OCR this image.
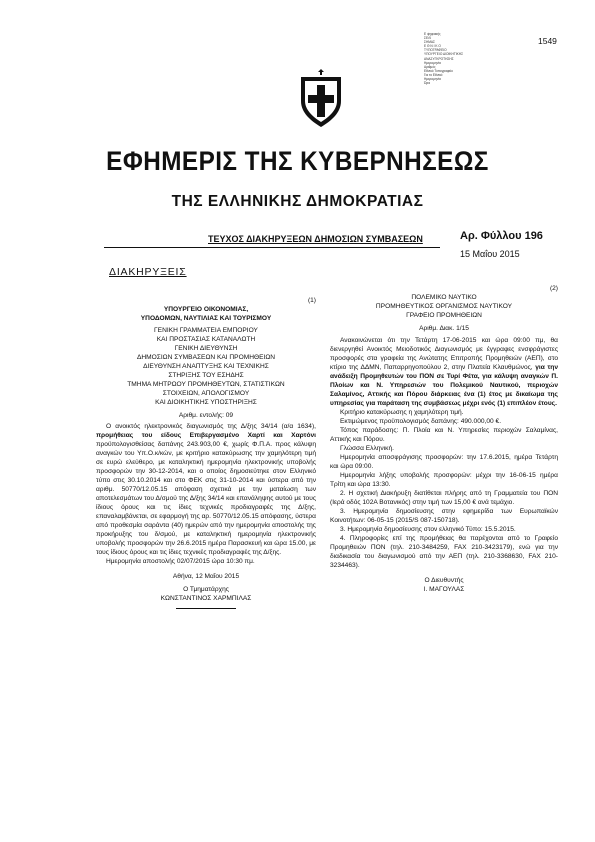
Ε ψηφιακής
ΣΕΛΙ
ΣΗΜΑΣ
Ε Θ Ν Ι Κ Ο
ΤΥΠΟΓΡΑΦΕΙΟ
ΥΠΟΥΡΓΕΙΟ ΔΙΟΙΚΗΤΙΚΗΣ
ΑΝΑΣΥΓΚΡΟΤΗΣΗΣ
Ημερομηνία
Αριθμός
Εθνικό Τυπογραφείο
Για το Εθνικό
Ημερομηνία
Ώρα
1549
ΕΦΗΜΕΡΙΣ ΤΗΣ ΚΥΒΕΡΝΗΣΕΩΣ
ΤΗΣ ΕΛΛΗΝΙΚΗΣ ΔΗΜΟΚΡΑΤΙΑΣ
ΤΕΥΧΟΣ ΔΙΑΚΗΡΥΞΕΩΝ ΔΗΜΟΣΙΩΝ ΣΥΜΒΑΣΕΩΝ	Αρ. Φύλλου 196
15 Μαΐου 2015
ΔΙΑΚΗΡΥΞΕΙΣ

(1)

ΥΠΟΥΡΓΕΙΟ ΟΙΚΟΝΟΜΙΑΣ,

ΥΠΟΔΟΜΩΝ, ΝΑΥΤΙΛΙΑΣ ΚΑΙ ΤΟΥΡΙΣΜΟΥ

ΓΕΝΙΚΗ ΓΡΑΜΜΑΤΕΙΑ ΕΜΠΟΡΙΟΥ

ΚΑΙ ΠΡΟΣΤΑΣΙΑΣ ΚΑΤΑΝΑΛΩΤΗ

ΓΕΝΙΚΗ ΔΙΕΥΘΥΝΣΗ

ΔΗΜΟΣΙΩΝ ΣΥΜΒΑΣΕΩΝ ΚΑΙ ΠΡΟΜΗΘΕΙΩΝ

ΔΙΕΥΘΥΝΣΗ ΑΝΑΠΤΥΞΗΣ ΚΑΙ ΤΕΧΝΙΚΗΣ

ΣΤΗΡΙΞΗΣ ΤΟΥ ΕΣΗΔΗΣ

ΤΜΗΜΑ ΜΗΤΡΩΟΥ ΠΡΟΜΗΘΕΥΤΩΝ, ΣΤΑΤΙΣΤΙΚΩΝ

ΣΤΟΙΧΕΙΩΝ, ΑΠΟΛΟΓΙΣΜΟΥ

ΚΑΙ ΔΙΟΙΚΗΤΙΚΗΣ ΥΠΟΣΤΗΡΙΞΗΣ

Αριθμ. εντολής: 09

Ο ανοικτός ηλεκτρονικός διαγωνισμός της Δ/ξης 34/14 (α/α 1634), προμήθειας του είδους Επιβεργασμένο Χαρτί και Χαρτόνι προϋπολογισθείσας δαπάνης 243.903,00 €, χωρίς Φ.Π.Α. προς κάλυψη αναγκών του Υπ.Ο.κ/κών, με κριτήριο κατακύρωσης την χαμηλότερη τιμή σε ευρώ ελεύθερο, με καταληκτική ημερομηνία ηλεκτρονικής υποβολής προσφορών την 30-12-2014, και ο οποίος δημοσιεύτηκε στον Ελληνικό τύπο στις 30.10.2014 και στο ΦΕΚ στις 31-10-2014 και ύστερα από την αριθμ. 50770/12.05.15 απόφαση σχετικά με την ματαίωση των αποτελεσμάτων του Δ/σμού της Δ/ξης 34/14 και επανάληψης αυτού με τους ίδιους όρους και τις ίδιες τεχνικές προδιαγραφές της Δ/ξης, επαναλαμβάνεται, σε εφαρμογή της αρ. 50770/12.05.15 απόφασης, ύστερα από προθεσμία σαράντα (40) ημερών από την ημερομηνία αποστολής της προκήρυξης του δ/σμού, με καταληκτική ημερομηνία ηλεκτρονικής υποβολής προσφορών την 26.6.2015 ημέρα Παρασκευή και ώρα 15.00, με τους ίδιους όρους και τις ίδιες τεχνικές προδιαγραφές της Δ/ξης.

Ημερομηνία αποστολής 02/07/2015 ώρα 10:30 πμ.

Αθήνα, 12 Μαΐου 2015

Ο Τμηματάρχης

ΚΩΝΣΤΑΝΤΙΝΟΣ ΧΑΡΜΠΙΛΑΣ

(2)

ΠΟΛΕΜΙΚΟ ΝΑΥΤΙΚΟ

ΠΡΟΜΗΘΕΥΤΙΚΟΣ ΟΡΓΑΝΙΣΜΟΣ ΝΑΥΤΙΚΟΥ

ΓΡΑΦΕΙΟ ΠΡΟΜΗΘΕΙΩΝ

Αριθμ. Διακ. 1/15

Ανακοινώνεται ότι την Τετάρτη 17-06-2015 και ώρα 09:00 πμ, θα διενεργηθεί Ανοικτός Μειοδοτικός Διαγωνισμός με έγγραφες ενσφράγιστες προσφορές στα γραφεία της Ανώτατης Επιτροπής Προμηθειών (ΑΕΠ), στο κτίριο της ΔΔΜΝ, Παπαρρηγοπούλου 2, στην Πλατεία Κλαυθμώνος, για την ανάδειξη Προμηθευτών του ΠΟΝ σε Τυρί Φέτα, για κάλυψη αναγκών Π. Πλοίων και Ν. Υπηρεσιών του Πολεμικού Ναυτικού, περιοχών Σαλαμίνος, Αττικής και Πόρου διάρκειας ένα (1) έτος με δικαίωμα της υπηρεσίας για παράταση της συμβάσεως μέχρι ενός (1) επιπλέον έτους.

Κριτήριο κατακύρωσης η χαμηλότερη τιμή.

Εκτιμώμενος προϋπολογισμός δαπάνης: 490.000,00 €.

Τόπος παράδοσης: Π. Πλοία και Ν. Υπηρεσίες περιοχών Σαλαμίνας, Αττικής και Πόρου.

Γλώσσα Ελληνική.

Ημερομηνία αποσφράγισης προσφορών: την 17.6.2015, ημέρα Τετάρτη και ώρα 09:00.

Ημερομηνία λήξης υποβολής προσφορών: μέχρι την 16-06-15 ημέρα Τρίτη και ώρα 13:30.

2. Η σχετική Διακήρυξη διατίθεται πλήρης από τη Γραμματεία του ΠΟΝ (Ιερά οδός 102Α Βοτανικός) στην τιμή των 15,00 € ανά τεμάχιο.

3. Ημερομηνία δημοσίευσης στην εφημερίδα των Ευρωπαϊκών Κοινοτήτων: 06-05-15 (2015/S 087-150718).

3. Ημερομηνία δημοσίευσης στον ελληνικό Τύπο: 15.5.2015.

4. Πληροφορίες επί της προμήθειας θα παρέχονται από το Γραφείο Προμηθειών ΠΟΝ (τηλ. 210-3484259, FAX 210-3423179), ενώ για την διαδικασία του διαγωνισμού από την ΑΕΠ (τηλ. 210-3368630, FAX 210-3234463).

Ο Διευθυντής

Ι. ΜΑΓΟΥΛΑΣ
